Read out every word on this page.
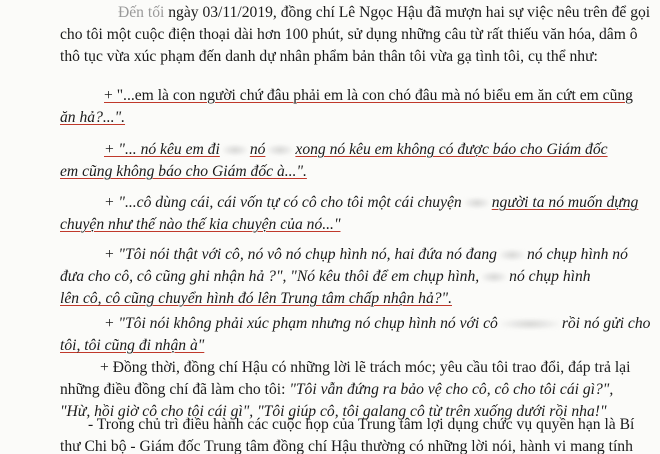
Đến tối ngày 03/11/2019, đồng chí Lê Ngọc Hậu đã mượn hai sự việc nêu trên để gọi
cho tôi một cuộc điện thoại dài hơn 100 phút, sử dụng những câu từ rất thiếu văn hóa, dâm ô
thô tục vừa xúc phạm đến danh dự nhân phẩm bản thân tôi vừa gạ tình tôi, cụ thể như:
+ "...em là con người chứ đâu phải em là con chó đâu mà nó biểu em ăn cứt em cũng
ăn hả?...".
+ "... nó kêu em đi nó xong nó kêu em không có được báo cho Giám đốc
em cũng không báo cho Giám đốc à...".
+ "...cô dùng cái, cái vốn tự có cô cho tôi một cái chuyện người ta nó muốn dựng
chuyện như thế nào thế kia chuyện của nó..."
+ "Tôi nói thật với cô, nó vô nó chụp hình nó, hai đứa nó đang nó chụp hình nó
đưa cho cô, cô cũng ghi nhận hả ?", "Nó kêu thôi để em chụp hình, nó chụp hình
lên cô, cô cũng chuyển hình đó lên Trung tâm chấp nhận hả?".
+ "Tôi nói không phải xúc phạm nhưng nó chụp hình nó với cô	rồi nó gửi cho
tôi, tôi cũng đi nhận à"
+ Đồng thời, đồng chí Hậu có những lời lẽ trách móc; yêu cầu tôi trao đổi, đáp trả lại
những điều đồng chí đã làm cho tôi: "Tôi vẫn đứng ra bảo vệ cho cô, cô cho tôi cái gì?",
"Hừ, hồi giờ cô cho tôi cái gì", "Tôi giúp cô, tôi galang cô từ trên xuống dưới rồi nha!"
- Trong chủ trì điều hành các cuộc họp của Trung tâm lợi dụng chức vụ quyền hạn là Bí
thư Chi bộ - Giám đốc Trung tâm đồng chí Hậu thường có những lời nói, hành vi mang tính
